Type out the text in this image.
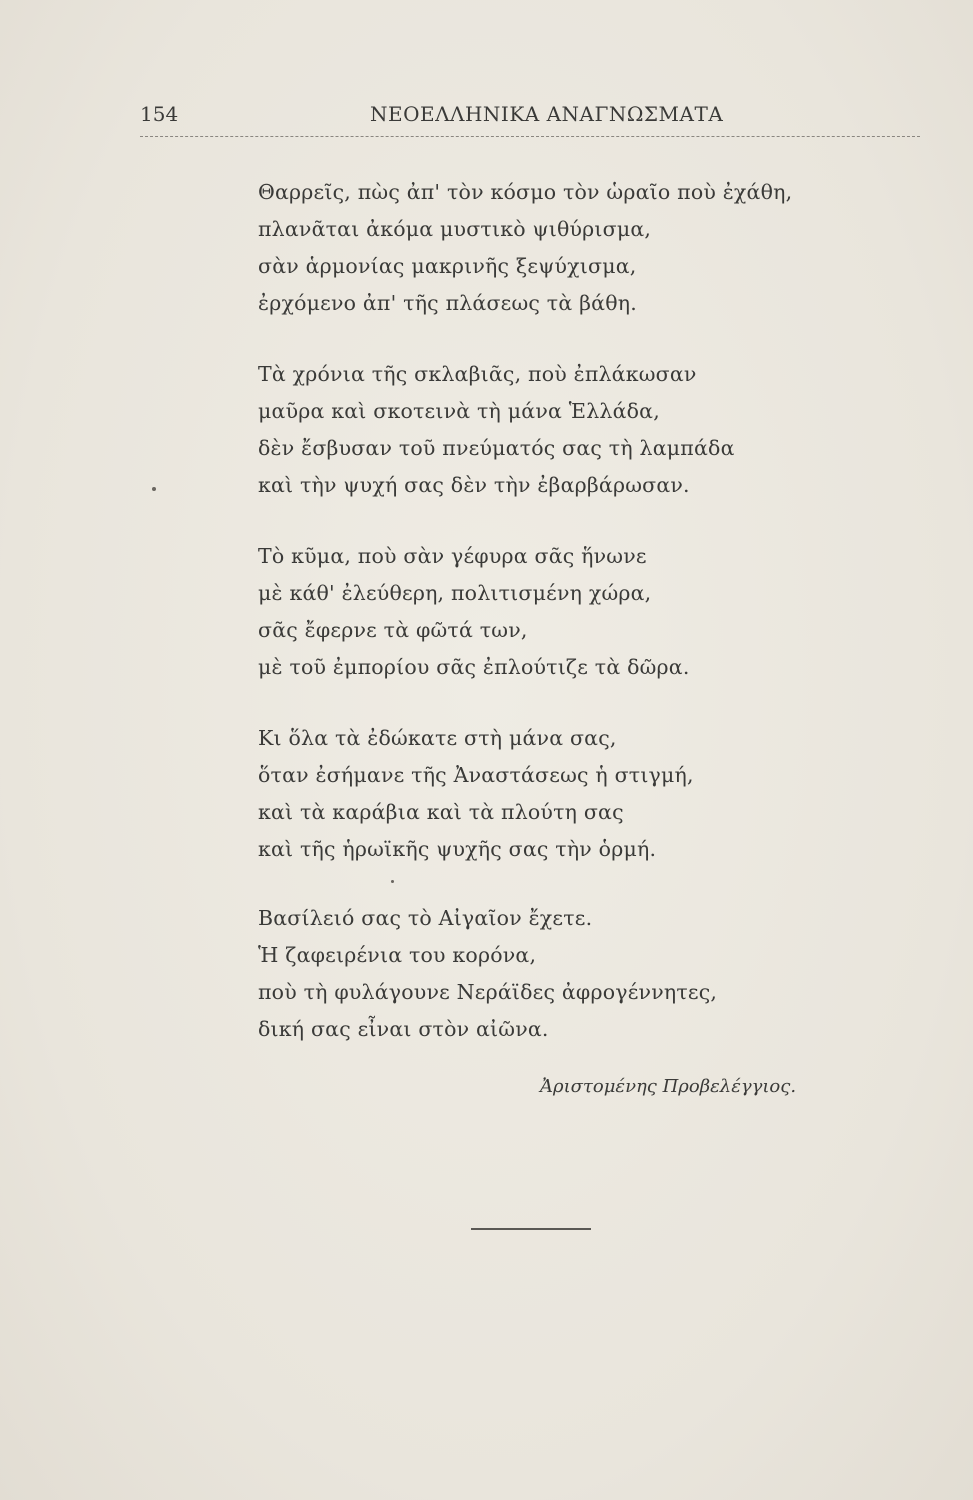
154	ΝΕΟΕΛΛΗΝΙΚΑ ΑΝΑΓΝΩΣΜΑΤΑ
Θαρρεῖς, πὼς ἀπ' τὸν κόσμο τὸν ὡραῖο ποὺ ἐχάθη,
πλανᾶται ἀκόμα μυστικὸ ψιθύρισμα,
σὰν ἁρμονίας μακρινῆς ξεψύχισμα,
ἐρχόμενο ἀπ' τῆς πλάσεως τὰ βάθη.
Τὰ χρόνια τῆς σκλαβιᾶς, ποὺ ἐπλάκωσαν
μαῦρα καὶ σκοτεινὰ τὴ μάνα Ἑλλάδα,
δὲν ἔσβυσαν τοῦ πνεύματός σας τὴ λαμπάδα
καὶ τὴν ψυχή σας δὲν τὴν ἐβαρβάρωσαν.
Τὸ κῦμα, ποὺ σὰν γέφυρα σᾶς ἥνωνε
μὲ κάθ' ἐλεύθερη, πολιτισμένη χώρα,
σᾶς ἔφερνε τὰ φῶτά των,
μὲ τοῦ ἐμπορίου σᾶς ἐπλούτιζε τὰ δῶρα.
Κι ὅλα τὰ ἐδώκατε στὴ μάνα σας,
ὅταν ἐσήμανε τῆς Ἀναστάσεως ἡ στιγμή,
καὶ τὰ καράβια καὶ τὰ πλούτη σας
καὶ τῆς ἡρωϊκῆς ψυχῆς σας τὴν ὁρμή.
Βασίλειό σας τὸ Αἰγαῖον ἔχετε.
Ἡ ζαφειρένια του κορόνα,
ποὺ τὴ φυλάγουνε Νεράϊδες ἀφρογέννητες,
δική σας εἶναι στὸν αἰῶνα.
Ἀριστομένης Προβελέγγιος.
